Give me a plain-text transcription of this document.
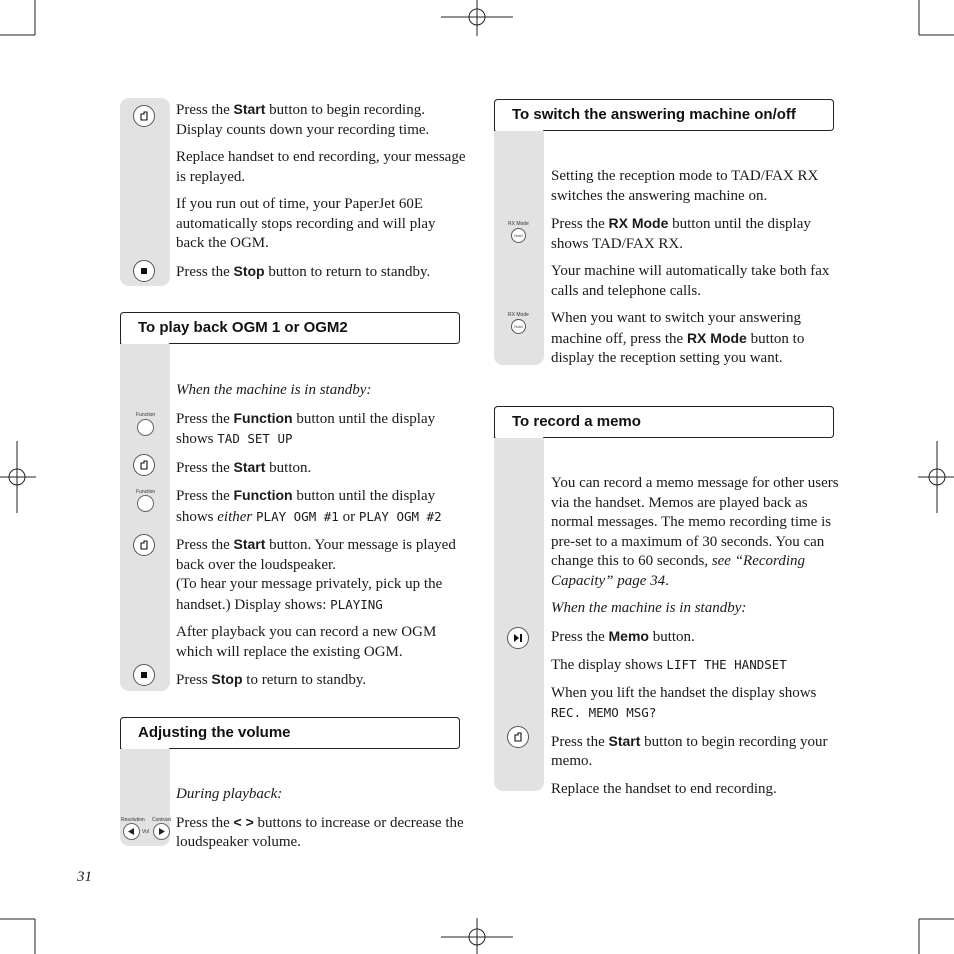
Press the Start button to begin recording. Display counts down your recording time.

Replace handset to end recording, your message is replayed.

If you run out of time, your PaperJet 60E automatically stops recording and will play back the OGM.

Press the Stop button to return to standby.

To play back OGM 1 or OGM2
Function
Function

When the machine is in standby:

Press the Function button until the display shows TAD SET UP

Press the Start button.

Press the Function button until the display shows either PLAY OGM #1 or PLAY OGM #2

Press the Start button. Your message is played back over the loudspeaker.

(To hear your message privately, pick up the handset.) Display shows: PLAYING

After playback you can record a new OGM which will replace the existing OGM.

Press Stop to return to standby.

Adjusting the volume
Resolution Contrast
Vol

During playback:

Press the < > buttons to increase or decrease the loudspeaker volume.

To switch the answering machine on/off
RX Mode
Hold
RX Mode
Hold

Setting the reception mode to TAD/FAX RX switches the answering machine on.

Press the RX Mode button until the display shows TAD/FAX RX.

Your machine will automatically take both fax calls and telephone calls.

When you want to switch your answering machine off, press the RX Mode button to display the reception setting you want.

To record a memo

You can record a memo message for other users via the handset. Memos are played back as normal messages. The memo recording time is pre-set to a maximum of 30 seconds. You can change this to 60 seconds, see “Recording Capacity” page 34.

When the machine is in standby:

Press the Memo button.

The display shows LIFT THE HANDSET

When you lift the handset the display shows REC. MEMO MSG?

Press the Start button to begin recording your memo.

Replace the handset to end recording.

31
